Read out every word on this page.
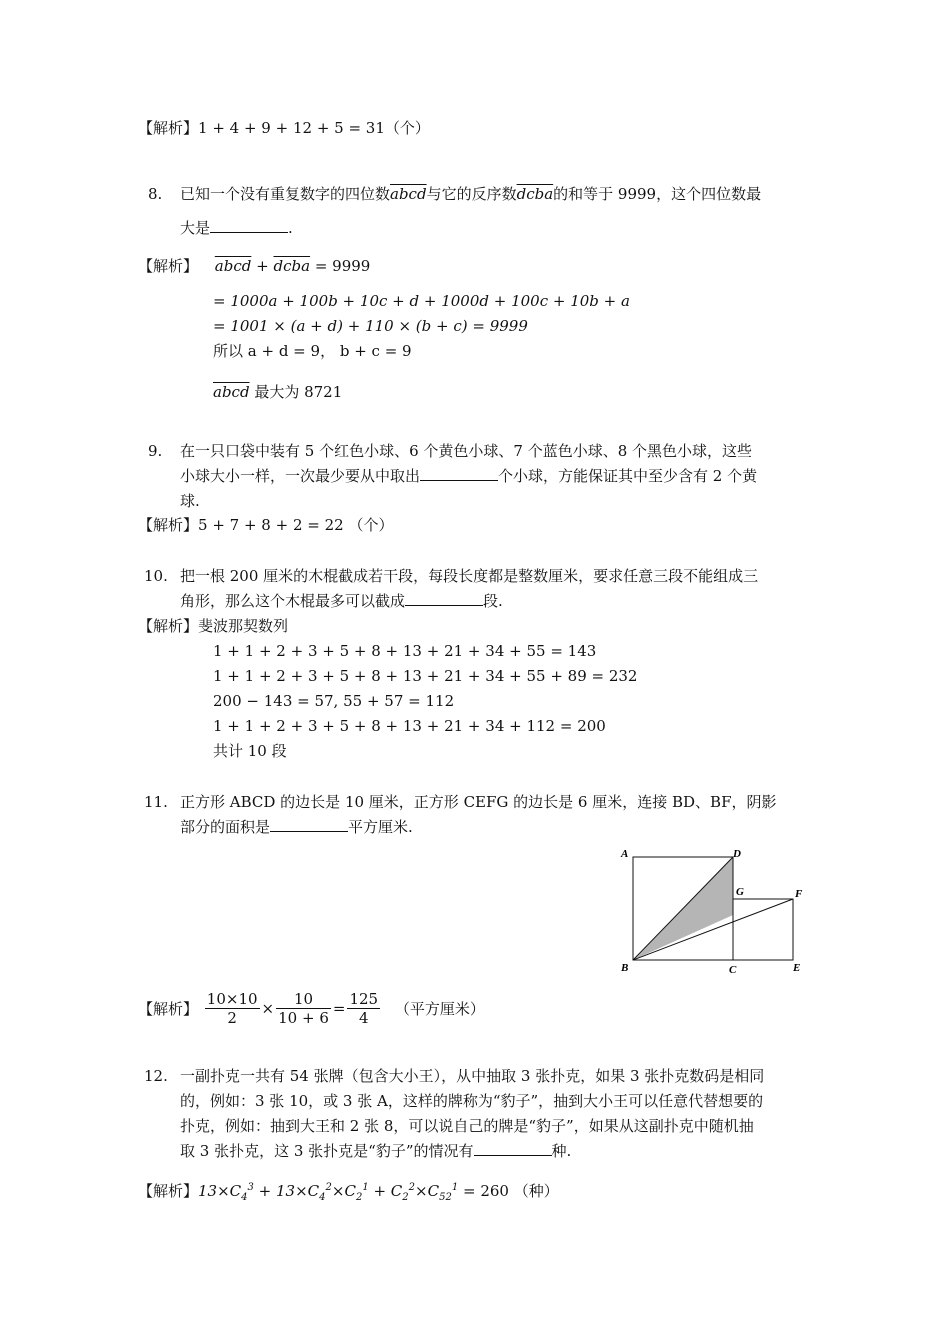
【解析】1 + 4 + 9 + 12 + 5 = 31（个）
8. 已知一个没有重复数字的四位数abcd与它的反序数dcba的和等于 9999，这个四位数最
大是	.
【解析】 abcd + dcba = 9999
= 1000a + 100b + 10c + d + 1000d + 100c + 10b + a
= 1001 × (a + d) + 110 × (b + c) = 9999
所以 a + d = 9， b + c = 9
abcd 最大为 8721
9. 在一只口袋中装有 5 个红色小球、6 个黄色小球、7 个蓝色小球、8 个黑色小球，这些
小球大小一样，一次最少要从中取出	个小球，方能保证其中至少含有 2 个黄
球.
【解析】5 + 7 + 8 + 2 = 22 （个）
10. 把一根 200 厘米的木棍截成若干段，每段长度都是整数厘米，要求任意三段不能组成三
角形，那么这个木棍最多可以截成	段.
【解析】斐波那契数列
1 + 1 + 2 + 3 + 5 + 8 + 13 + 21 + 34 + 55 = 143
1 + 1 + 2 + 3 + 5 + 8 + 13 + 21 + 34 + 55 + 89 = 232
200 − 143 = 57, 55 + 57 = 112
1 + 1 + 2 + 3 + 5 + 8 + 13 + 21 + 34 + 112 = 200
共计 10 段
11. 正方形 ABCD 的边长是 10 厘米，正方形 CEFG 的边长是 6 厘米，连接 BD、BF，阴影
部分的面积是	平方厘米.
A	D
G	F
B	C	E
【解析】 $\frac{10\times 10}{2} \times \frac{10}{10 + 6} = \frac{125}{4}$ （平方厘米）
12. 一副扑克一共有 54 张牌（包含大小王），从中抽取 3 张扑克，如果 3 张扑克数码是相同
的，例如：3 张 10，或 3 张 A，这样的牌称为“豹子”，抽到大小王可以任意代替想要的
扑克，例如：抽到大王和 2 张 8，可以说自己的牌是“豹子”，如果从这副扑克中随机抽
取 3 张扑克，这 3 张扑克是“豹子”的情况有	种.
【解析】$13\times C_4^3 + 13\times C_4^2\times C_2^1 + C_2^2\times C_{52}^1 = 260$ （种）
